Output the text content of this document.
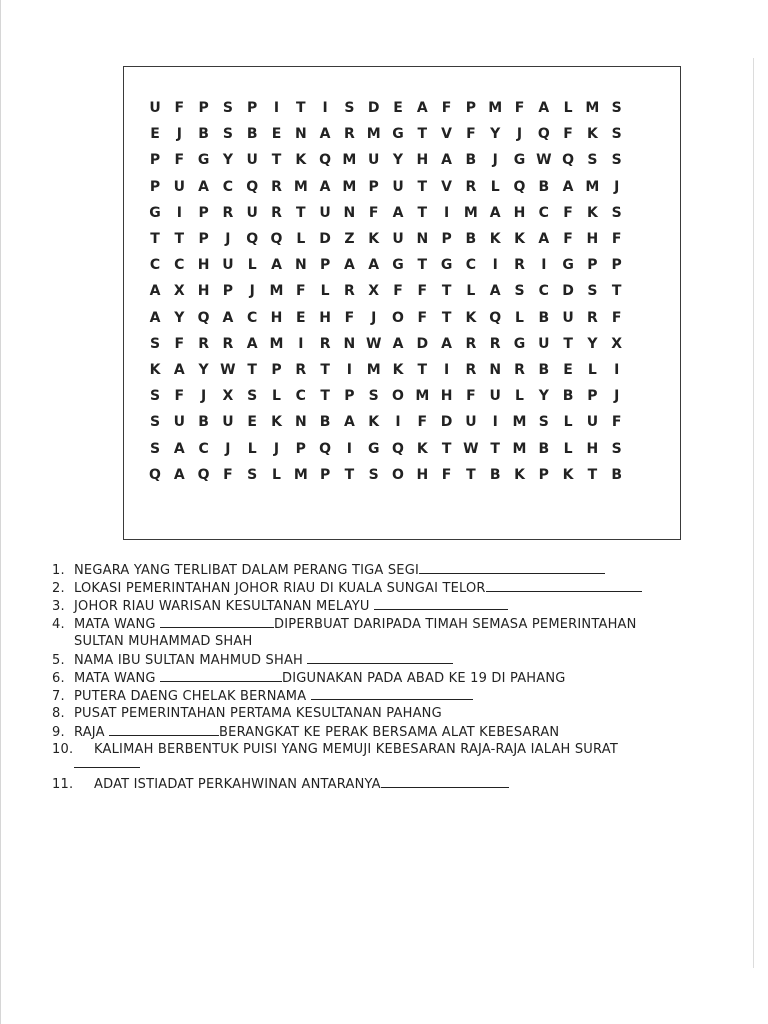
U F	P	S	P	I	T	I	S D E	A	F	P M F	A	L M S
E	J	B S B	E N A R M G T	V	F	Y	J	Q F	K S
P	F G Y U T	K Q M U Y H A B	J	G W Q S	S
P U A C Q R M A M P U T	V R	L Q B A M	J
G	I	P R U R	T U N F	A	T	I	M A H C	F	K S
T	T	P	J	Q Q L	D Z K U N P B K K A	F H F
C	C H U	L	A N P A A G T G C	I	R	I	G P	P
A X H P	J	M F	L	R X	F	F	T	L	A S	C D S	T
A Y Q A C H E H F	J	O F	T	K Q L	B U R	F
S	F	R R A M	I	R N W A D A R R G U T	Y X
K A Y W T	P R	T	I	M K	T	I	R N R B	E	L	I
S	F	J	X S	L	C	T	P	S O M H F U	L	Y B P	J
S U B U E	K N B A K	I	F D U	I	M S	L	U F
S A C	J	L	J	P Q	I	G Q K	T W T M B	L H S
Q A Q F	S	L M P	T	S O H F	T	B K P K	T	B
1. NEGARA YANG TERLIBAT DALAM PERANG TIGA SEGI
2. LOKASI PEMERINTAHAN JOHOR RIAU DI KUALA SUNGAI TELOR
3. JOHOR RIAU WARISAN KESULTANAN MELAYU
4. MATA WANG	DIPERBUAT DARIPADA TIMAH SEMASA PEMERINTAHAN
SULTAN MUHAMMAD SHAH
5. NAMA IBU SULTAN MAHMUD SHAH
6. MATA WANG	DIGUNAKAN PADA ABAD KE 19 DI PAHANG
7. PUTERA DAENG CHELAK BERNAMA
8. PUSAT PEMERINTAHAN PERTAMA KESULTANAN PAHANG
9. RAJA	BERANGKAT KE PERAK BERSAMA ALAT KEBESARAN
10. KALIMAH BERBENTUK PUISI YANG MEMUJI KEBESARAN RAJA-RAJA IALAH SURAT
11. ADAT ISTIADAT PERKAHWINAN ANTARANYA
